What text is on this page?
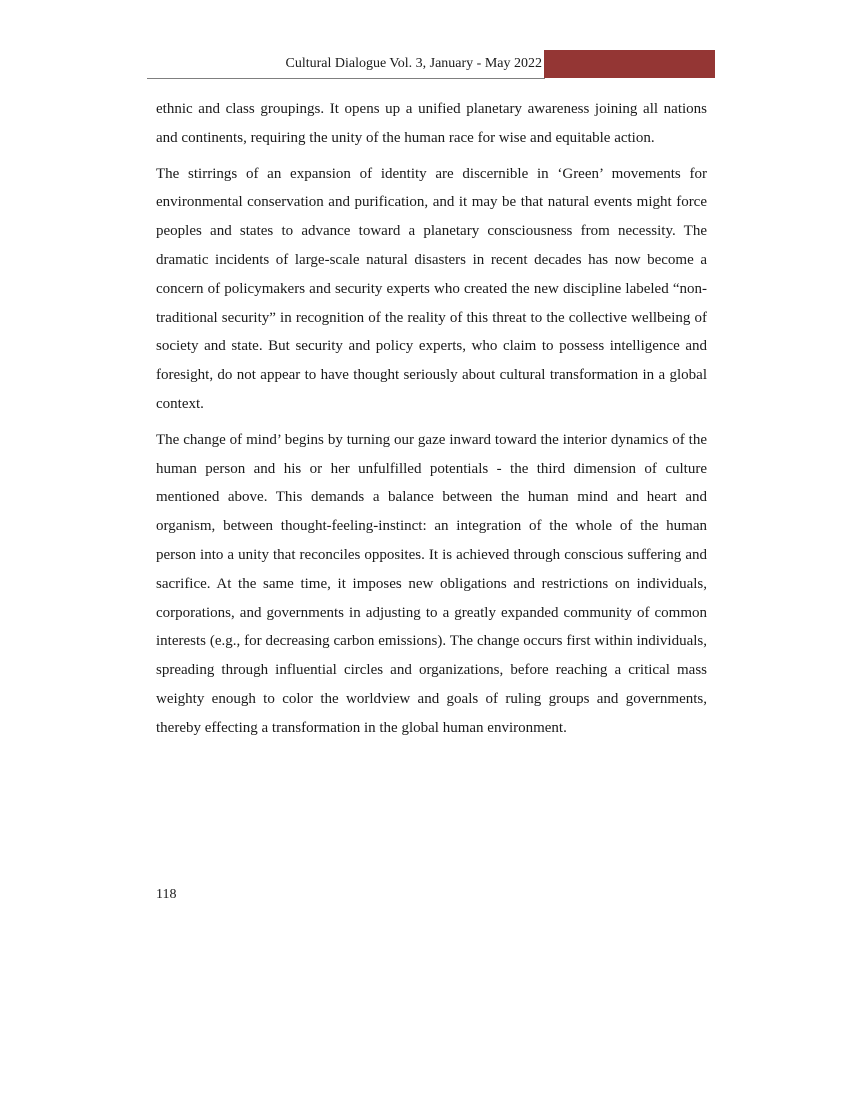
Cultural Dialogue Vol. 3, January - May 2022

ethnic and class groupings. It opens up a unified planetary awareness joining all nations and continents, requiring the unity of the human race for wise and equitable action.

The stirrings of an expansion of identity are discernible in ‘Green’ movements for environmental conservation and purification, and it may be that natural events might force peoples and states to advance toward a planetary consciousness from necessity. The dramatic incidents of large-scale natural disasters in recent decades has now become a concern of policymakers and security experts who created the new discipline labeled “non-traditional security” in recognition of the reality of this threat to the collective wellbeing of society and state. But security and policy experts, who claim to possess intelligence and foresight, do not appear to have thought seriously about cultural transformation in a global context.

The change of mind’ begins by turning our gaze inward toward the interior dynamics of the human person and his or her unfulfilled potentials - the third dimension of culture mentioned above. This demands a balance between the human mind and heart and organism, between thought-feeling-instinct: an integration of the whole of the human person into a unity that reconciles opposites. It is achieved through conscious suffering and sacrifice. At the same time, it imposes new obligations and restrictions on individuals, corporations, and governments in adjusting to a greatly expanded community of common interests (e.g., for decreasing carbon emissions). The change occurs first within individuals, spreading through influential circles and organizations, before reaching a critical mass weighty enough to color the worldview and goals of ruling groups and governments, thereby effecting a transformation in the global human environment.

118
